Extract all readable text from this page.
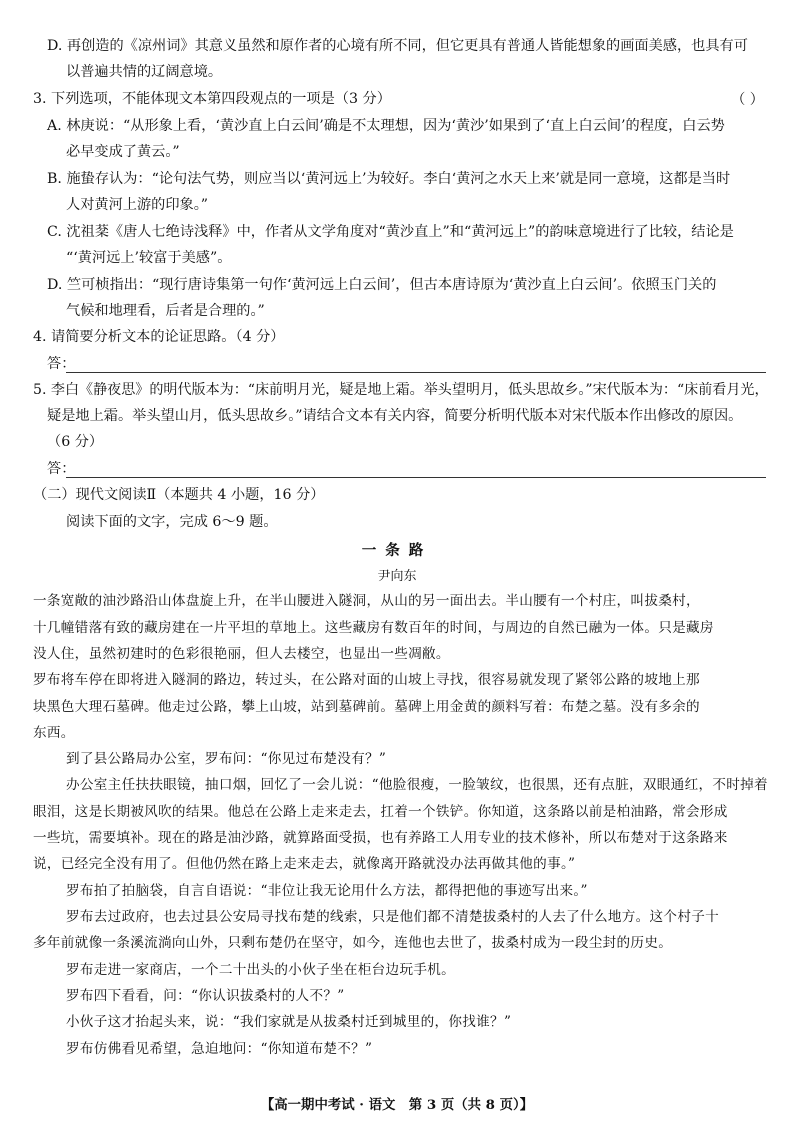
D. 再创造的《凉州词》其意义虽然和原作者的心境有所不同，但它更具有普通人皆能想象的画面美感，也具有可
以普遍共情的辽阔意境。
3. 下列选项，不能体现文本第四段观点的一项是（3 分）	（ ）
A. 林庚说：“从形象上看，‘黄沙直上白云间’确是不太理想，因为‘黄沙’如果到了‘直上白云间’的程度，白云势
必早变成了黄云。”
B. 施蛰存认为：“论句法气势，则应当以‘黄河远上’为较好。李白‘黄河之水天上来’就是同一意境，这都是当时
人对黄河上游的印象。”
C. 沈祖棻《唐人七绝诗浅释》中，作者从文学角度对“黄沙直上”和“黄河远上”的韵味意境进行了比较，结论是
“‘黄河远上’较富于美感”。
D. 竺可桢指出：“现行唐诗集第一句作‘黄河远上白云间’，但古本唐诗原为‘黄沙直上白云间’。依照玉门关的
气候和地理看，后者是合理的。”
4. 请简要分析文本的论证思路。（4 分）
答：
5. 李白《静夜思》的明代版本为：“床前明月光，疑是地上霜。举头望明月，低头思故乡。”宋代版本为：“床前看月光，
疑是地上霜。举头望山月，低头思故乡。”请结合文本有关内容，简要分析明代版本对宋代版本作出修改的原因。
（6 分）
答：
（二）现代文阅读Ⅱ（本题共 4 小题，16 分）
阅读下面的文字，完成 6～9 题。
一条路
尹向东
一条宽敞的油沙路沿山体盘旋上升，在半山腰进入隧洞，从山的另一面出去。半山腰有一个村庄，叫拔桑村，
十几幢错落有致的藏房建在一片平坦的草地上。这些藏房有数百年的时间，与周边的自然已融为一体。只是藏房
没人住，虽然初建时的色彩很艳丽，但人去楼空，也显出一些凋敝。
罗布将车停在即将进入隧洞的路边，转过头，在公路对面的山坡上寻找，很容易就发现了紧邻公路的坡地上那
块黑色大理石墓碑。他走过公路，攀上山坡，站到墓碑前。墓碑上用金黄的颜料写着：布楚之墓。没有多余的
东西。
到了县公路局办公室，罗布问：“你见过布楚没有？”
办公室主任扶扶眼镜，抽口烟，回忆了一会儿说：“他脸很瘦，一脸皱纹，也很黑，还有点脏，双眼通红，不时掉着
眼泪，这是长期被风吹的结果。他总在公路上走来走去，扛着一个铁铲。你知道，这条路以前是柏油路，常会形成
一些坑，需要填补。现在的路是油沙路，就算路面受损，也有养路工人用专业的技术修补，所以布楚对于这条路来
说，已经完全没有用了。但他仍然在路上走来走去，就像离开路就没办法再做其他的事。”
罗布拍了拍脑袋，自言自语说：“非位让我无论用什么方法，都得把他的事迹写出来。”
罗布去过政府，也去过县公安局寻找布楚的线索，只是他们都不清楚拔桑村的人去了什么地方。这个村子十
多年前就像一条溪流淌向山外，只剩布楚仍在坚守，如今，连他也去世了，拔桑村成为一段尘封的历史。
罗布走进一家商店，一个二十出头的小伙子坐在柜台边玩手机。
罗布四下看看，问：“你认识拔桑村的人不？”
小伙子这才抬起头来，说：“我们家就是从拔桑村迁到城里的，你找谁？”
罗布仿佛看见希望，急迫地问：“你知道布楚不？”
【高一期中考试 · 语文　第 3 页（共 8 页）】
